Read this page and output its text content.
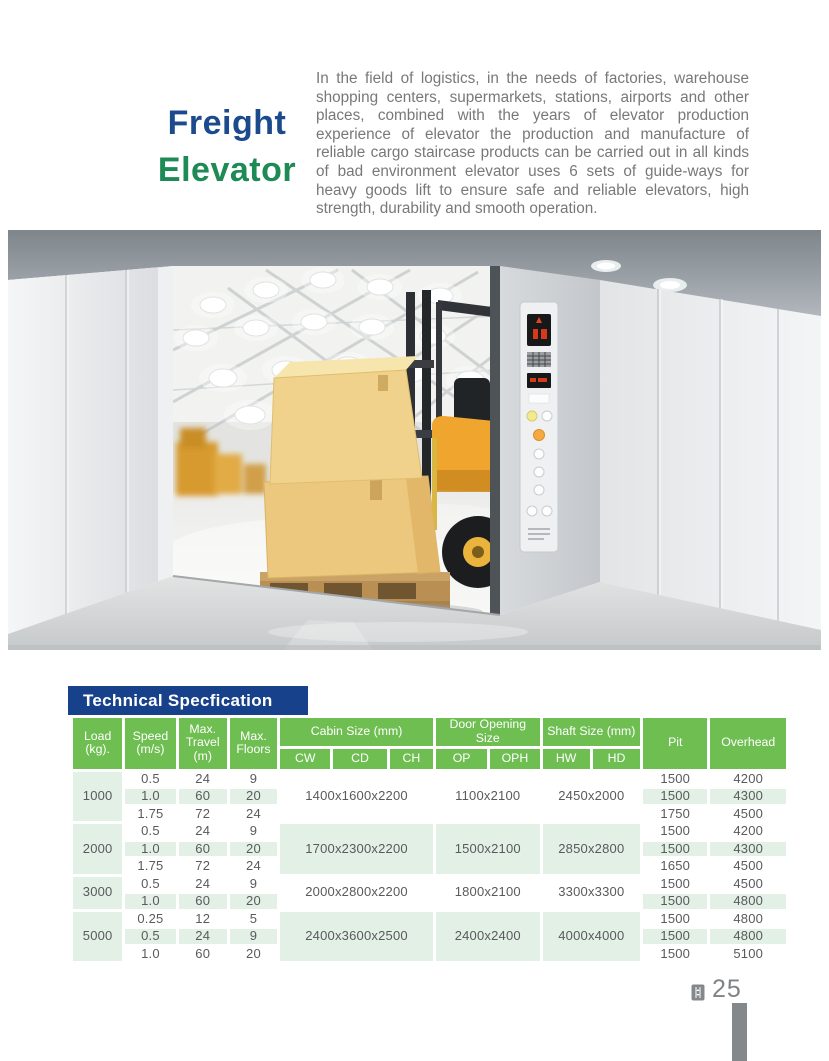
Freight
Elevator
In the field of logistics, in the needs of factories, warehouse shopping centers, supermarkets, stations, airports and other places, combined with the years of elevator production experience of elevator the production and manufacture of reliable cargo staircase products can be carried out in all kinds of bad environment elevator uses 6 sets of guide-ways for heavy goods lift to ensure safe and reliable elevators, high strength, durability and smooth operation.
Technical Specfication
Load (kg).	Speed (m/s)	Max. Travel (m)	Max. Floors	Cabin Size (mm)			Door Opening Size		Shaft Size (mm)		Pit	Overhead
				CW	CD	CH	OP	OPH	HW	HD		
1000	0.5	24	9	1400x1600x2200			1100x2100		2450x2000		1500	4200
	1.0	60	20								1500	4300
	1.75	72	24								1750	4500
2000	0.5	24	9	1700x2300x2200			1500x2100		2850x2800		1500	4200
	1.0	60	20								1500	4300
	1.75	72	24								1650	4500
3000	0.5	24	9	2000x2800x2200			1800x2100		3300x3300		1500	4500
	1.0	60	20								1500	4800
5000	0.25	12	5	2400x3600x2500			2400x2400		4000x4000		1500	4800
	0.5	24	9								1500	4800
	1.0	60	20								1500	5100
25
